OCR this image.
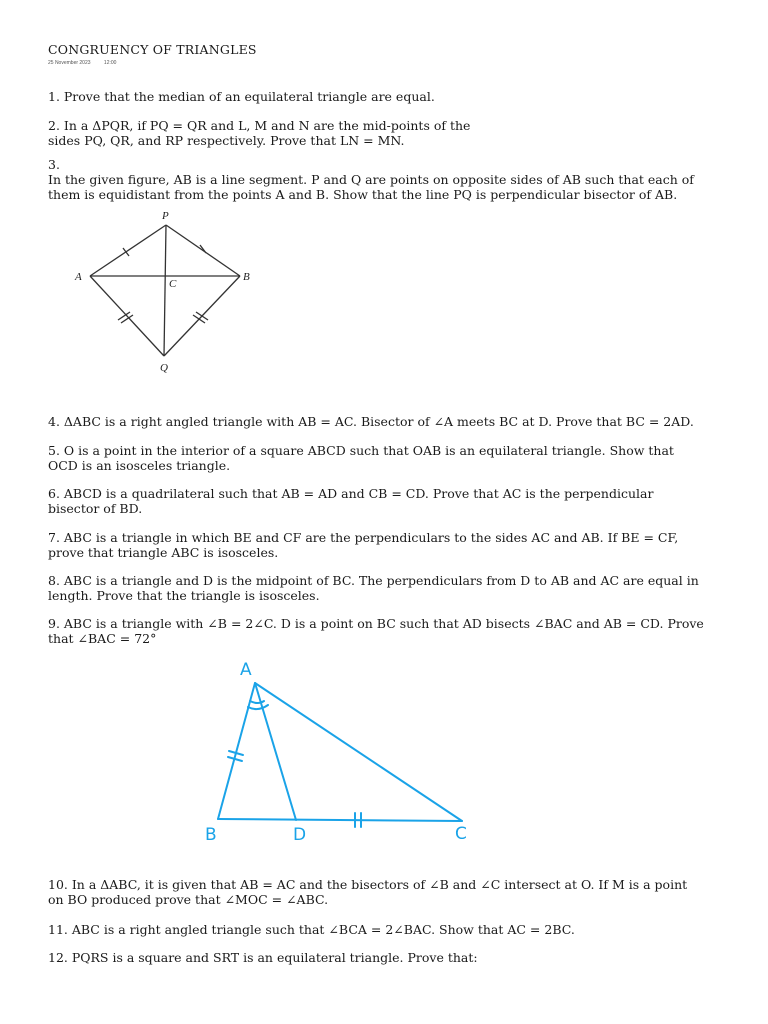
CONGRUENCY OF TRIANGLES
25 November 2023	12:00
1. Prove that the median of an equilateral triangle are equal.
2. In a ΔPQR, if PQ = QR and L, M and N are the mid-points of the
sides PQ, QR, and RP respectively. Prove that LN = MN.
3.
In the given figure, AB is a line segment. P and Q are points on opposite sides of AB such that each of
them is equidistant from the points A and B. Show that the line PQ is perpendicular bisector of AB.
P
A	B
C
Q
4. ΔABC is a right angled triangle with AB = AC. Bisector of ∠A meets BC at D. Prove that BC = 2AD.
5. O is a point in the interior of a square ABCD such that OAB is an equilateral triangle. Show that
OCD is an isosceles triangle.
6. ABCD is a quadrilateral such that AB = AD and CB = CD. Prove that AC is the perpendicular
bisector of BD.
7. ABC is a triangle in which BE and CF are the perpendiculars to the sides AC and AB. If BE = CF,
prove that triangle ABC is isosceles.
8. ABC is a triangle and D is the midpoint of BC. The perpendiculars from D to AB and AC are equal in
length. Prove that the triangle is isosceles.
9. ABC is a triangle with ∠B = 2∠C. D is a point on BC such that AD bisects ∠BAC and AB = CD. Prove
that ∠BAC = 72°
A
B	D	C
10. In a ΔABC, it is given that AB = AC and the bisectors of ∠B and ∠C intersect at O. If M is a point
on BO produced prove that ∠MOC = ∠ABC.
11. ABC is a right angled triangle such that ∠BCA = 2∠BAC. Show that AC = 2BC.
12. PQRS is a square and SRT is an equilateral triangle. Prove that:
